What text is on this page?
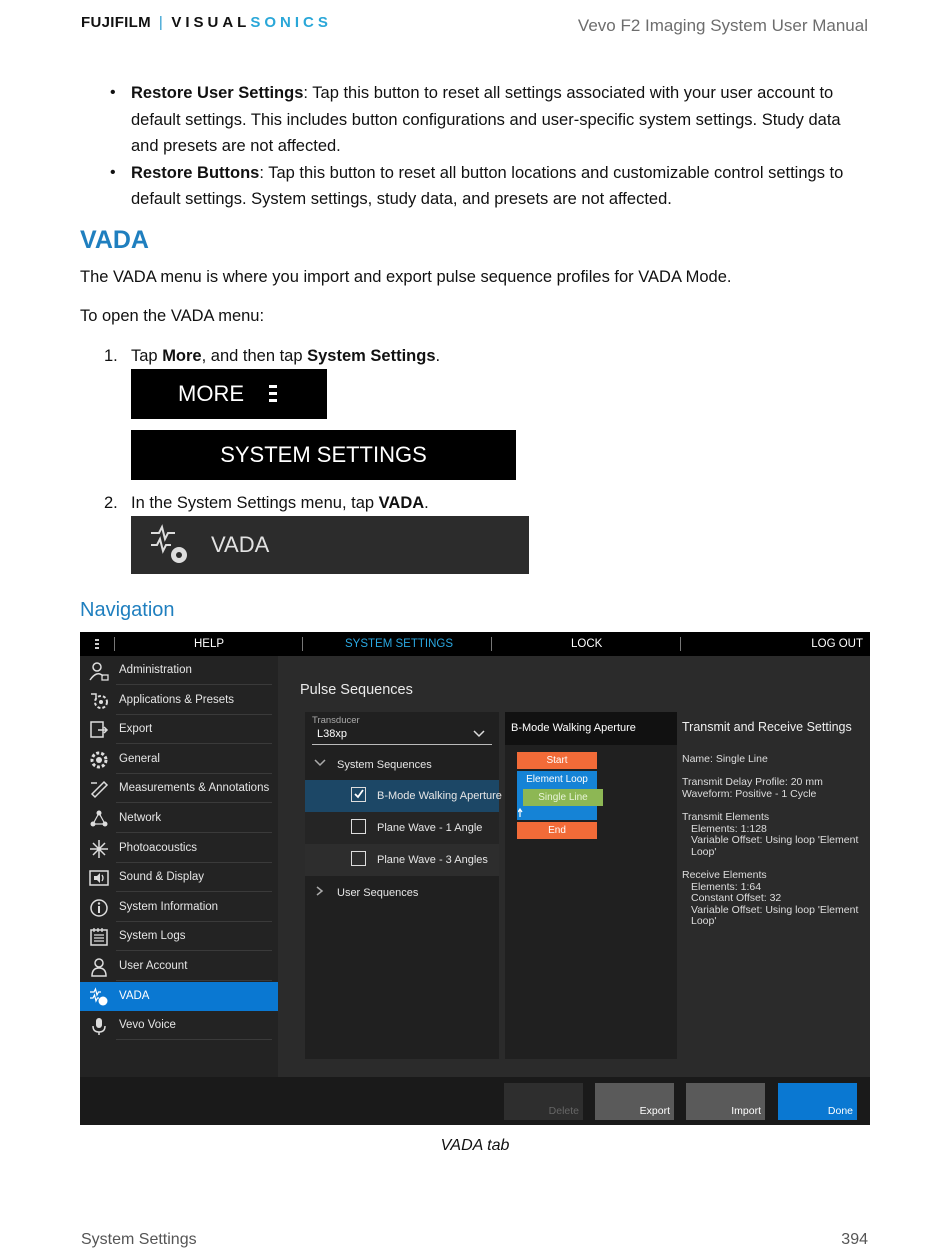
FUJIFILM | VISUALSONICS	Vevo F2 Imaging System User Manual
• Restore User Settings: Tap this button to reset all settings associated with your user account to default settings. This includes button configurations and user-specific system settings. Study data and presets are not affected.
• Restore Buttons: Tap this button to reset all button locations and customizable control settings to default settings. System settings, study data, and presets are not affected.
VADA
The VADA menu is where you import and export pulse sequence profiles for VADA Mode.
To open the VADA menu:
1. Tap More, and then tap System Settings.
MORE
SYSTEM SETTINGS
2. In the System Settings menu, tap VADA.
VADA
Navigation
HELP	SYSTEM SETTINGS	LOCK	LOG OUT
Administration
Applications & Presets
Export
General
Measurements & Annotations
Network
Photoacoustics
Sound & Display
System Information
System Logs
User Account
VADA
Vevo Voice
Pulse Sequences
Transducer
L38xp
System Sequences
B-Mode Walking Aperture
Plane Wave - 1 Angle
Plane Wave - 3 Angles
User Sequences
B-Mode Walking Aperture
Start
Element Loop
Single Line
End
Transmit and Receive Settings
Name: Single Line
Transmit Delay Profile: 20 mm
Waveform: Positive - 1 Cycle
Transmit Elements
Elements: 1:128
Variable Offset: Using loop 'Element Loop'
Receive Elements
Elements: 1:64
Constant Offset: 32
Variable Offset: Using loop 'Element Loop'
Delete	Export	Import	Done
VADA tab
System Settings	394
